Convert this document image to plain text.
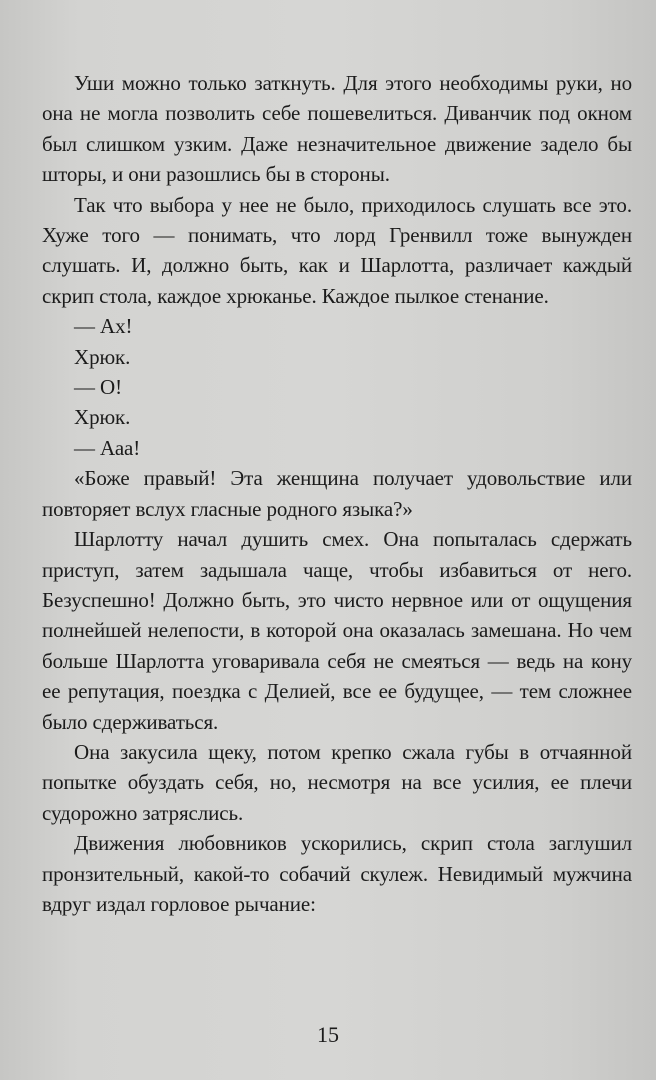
Уши можно только заткнуть. Для этого необходимы руки, но она не могла позволить себе пошевелиться. Диванчик под окном был слишком узким. Даже незначительное движение задело бы шторы, и они разошлись бы в стороны.

Так что выбора у нее не было, приходилось слушать все это. Хуже того — понимать, что лорд Гренвилл тоже вынужден слушать. И, должно быть, как и Шарлотта, различает каждый скрип стола, каждое хрюканье. Каждое пылкое стенание.

— Ах!

Хрюк.

— О!

Хрюк.

— Ааа!

«Боже правый! Эта женщина получает удовольствие или повторяет вслух гласные родного языка?»

Шарлотту начал душить смех. Она попыталась сдержать приступ, затем задышала чаще, чтобы избавиться от него. Безуспешно! Должно быть, это чисто нервное или от ощущения полнейшей нелепости, в которой она оказалась замешана. Но чем больше Шарлотта уговаривала себя не смеяться — ведь на кону ее репутация, поездка с Делией, все ее будущее, — тем сложнее было сдерживаться.

Она закусила щеку, потом крепко сжала губы в отчаянной попытке обуздать себя, но, несмотря на все усилия, ее плечи судорожно затряслись.

Движения любовников ускорились, скрип стола заглушил пронзительный, какой-то собачий скулеж. Невидимый мужчина вдруг издал горловое рычание:

15
